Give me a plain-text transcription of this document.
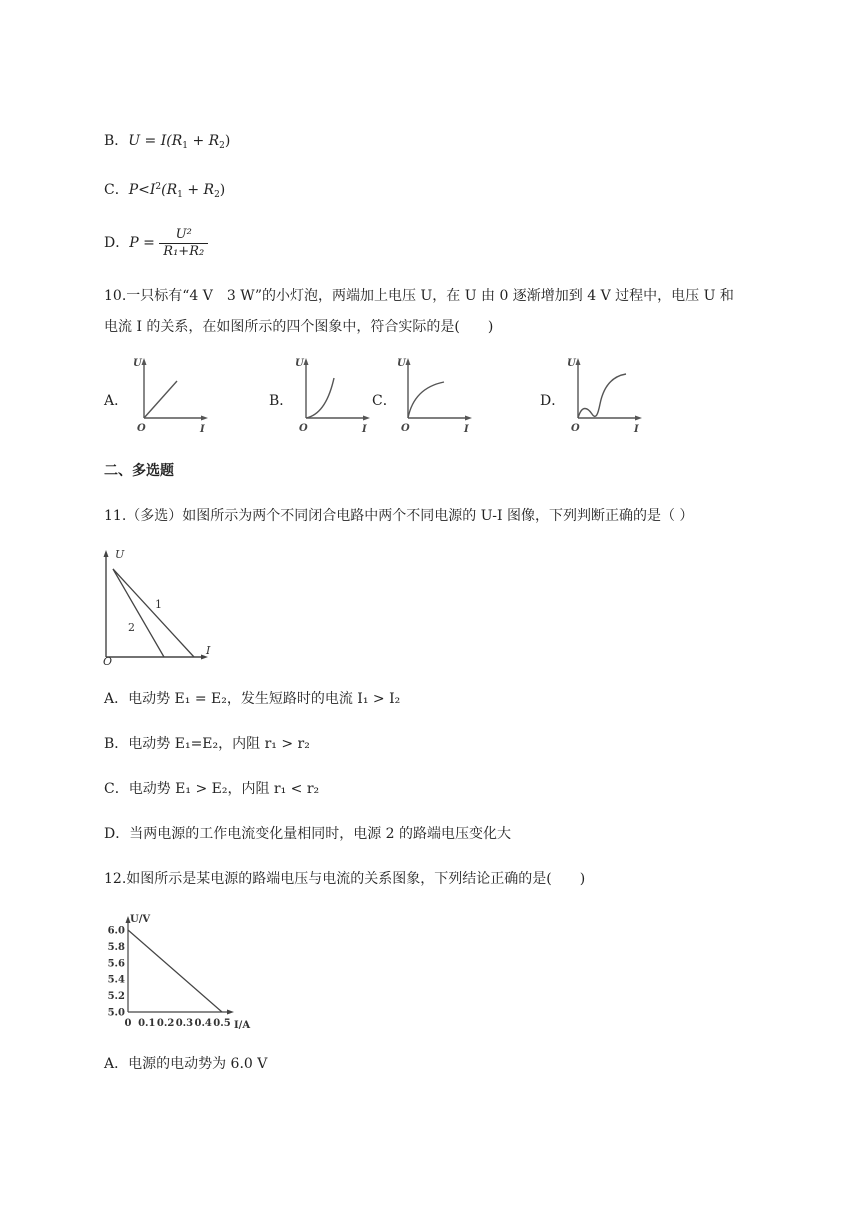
B．$U = I(R_1 + R_2)$
C．$P<I^2(R_1 + R_2)$
D．$P = \frac{\text{U²}}{\text{R₁+R₂}}$
10.一只标有“4 V　3 W”的小灯泡，两端加上电压 U，在 U 由 0 逐渐增加到 4 V 过程中，电压 U 和
电流 I 的关系，在如图所示的四个图象中，符合实际的是(　　)
A．	B．	C．	D．
U
O	I
U
O	I
U
O	I
U
O	I
二、多选题
11.（多选）如图所示为两个不同闭合电路中两个不同电源的 U-I 图像，下列判断正确的是（ ）
U
O
I
1
2
A．电动势 E₁ = E₂，发生短路时的电流 I₁ > I₂
B．电动势 E₁=E₂，内阻 r₁ > r₂
C．电动势 E₁ > E₂，内阻 r₁ < r₂
D．当两电源的工作电流变化量相同时，电源 2 的路端电压变化大
12.如图所示是某电源的路端电压与电流的关系图象，下列结论正确的是(　　)
U/V
I/A
6.0
5.8
5.6
5.4
5.2
5.0
0 0.1 0.2 0.3 0.4 0.5
A．电源的电动势为 6.0 V
